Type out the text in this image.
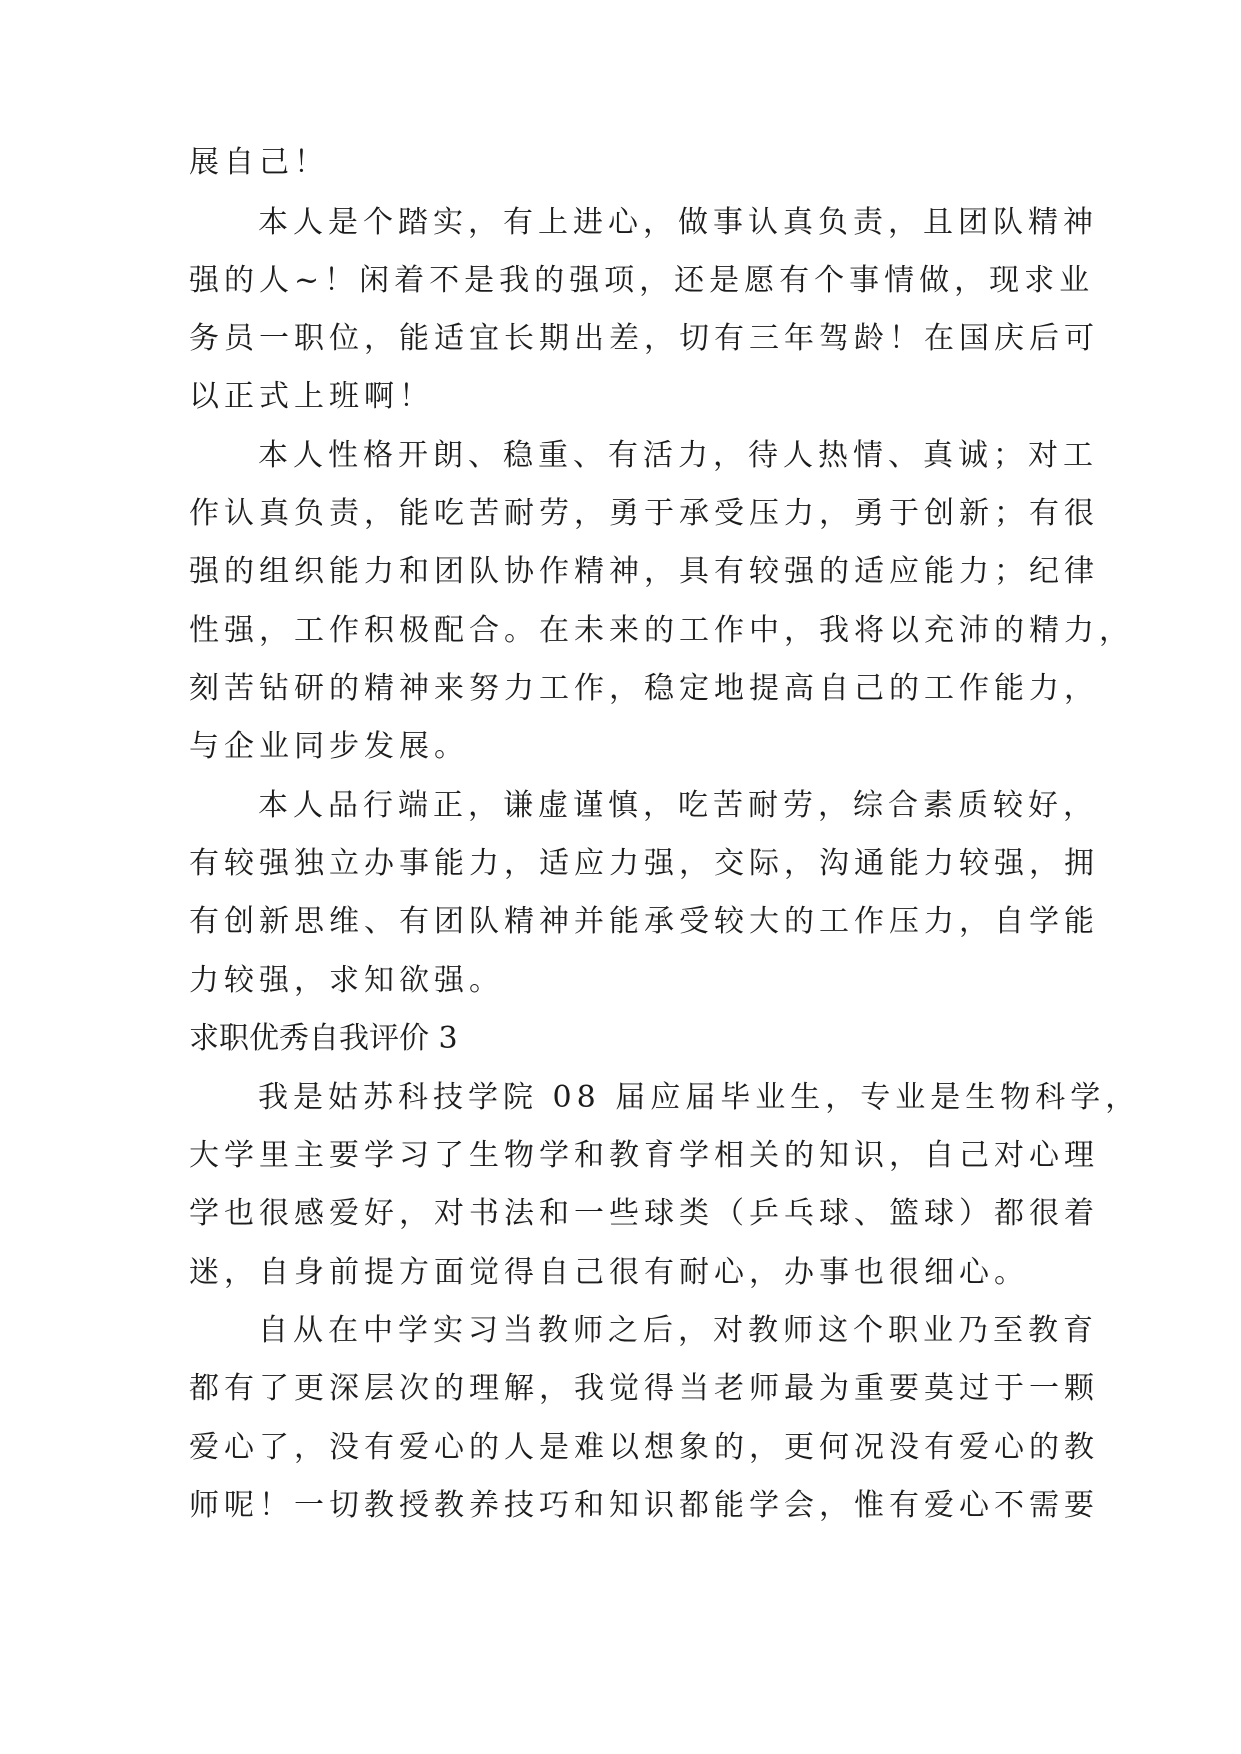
展自己！
本人是个踏实，有上进心，做事认真负责，且团队精神
强的人~！闲着不是我的强项，还是愿有个事情做，现求业
务员一职位，能适宜长期出差，切有三年驾龄！在国庆后可
以正式上班啊！
本人性格开朗、稳重、有活力，待人热情、真诚；对工
作认真负责，能吃苦耐劳，勇于承受压力，勇于创新；有很
强的组织能力和团队协作精神，具有较强的适应能力；纪律
性强，工作积极配合。在未来的工作中，我将以充沛的精力，
刻苦钻研的精神来努力工作，稳定地提高自己的工作能力，
与企业同步发展。
本人品行端正，谦虚谨慎，吃苦耐劳，综合素质较好，
有较强独立办事能力，适应力强，交际，沟通能力较强，拥
有创新思维、有团队精神并能承受较大的工作压力，自学能
力较强，求知欲强。
求职优秀自我评价 3
我是姑苏科技学院 08 届应届毕业生，专业是生物科学，
大学里主要学习了生物学和教育学相关的知识，自己对心理
学也很感爱好，对书法和一些球类（乒乓球、篮球）都很着
迷，自身前提方面觉得自己很有耐心，办事也很细心。
自从在中学实习当教师之后，对教师这个职业乃至教育
都有了更深层次的理解，我觉得当老师最为重要莫过于一颗
爱心了，没有爱心的人是难以想象的，更何况没有爱心的教
师呢！一切教授教养技巧和知识都能学会，惟有爱心不需要
